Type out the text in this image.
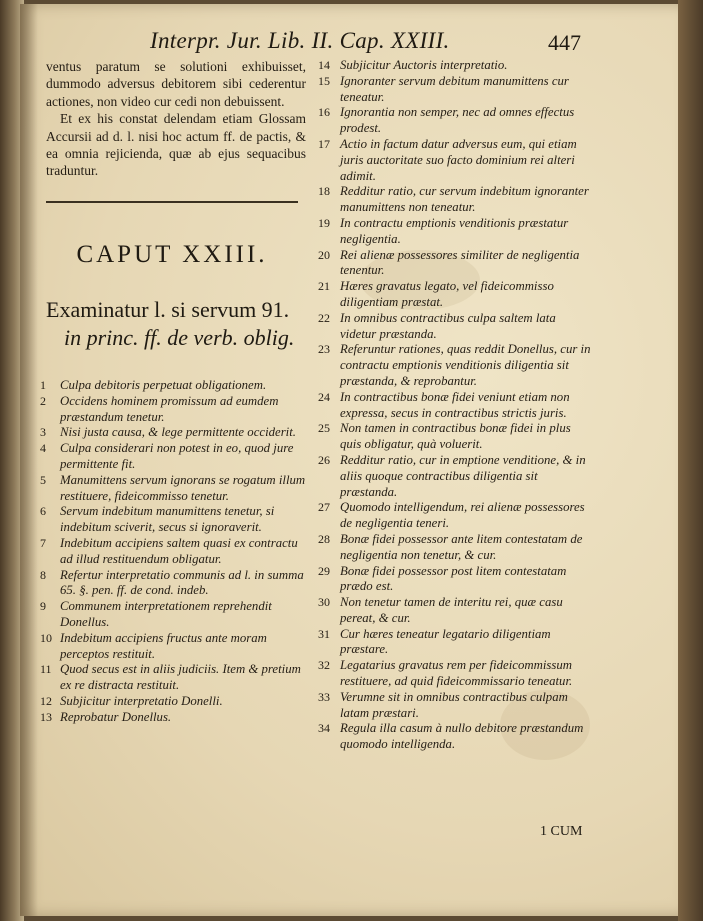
Interpr. Jur. Lib. II. Cap. XXIII.	447

ventus paratum se solutioni exhibuisset, dummodo adversus debitorem sibi cederentur actiones, non video cur cedi non debuissent.

Et ex his constat delendam etiam Glossam Accursii ad d. l. nisi hoc actum ff. de pactis, & ea omnia rejicienda, quæ ab ejus sequacibus traduntur.

CAPUT XXIII.
Examinatur l. si servum 91.
in princ. ff. de verb. oblig.
1 Culpa debitoris perpetuat obligationem.
2 Occidens hominem promissum ad eumdem præstandum tenetur.
3 Nisi justa causa, & lege permittente occiderit.
4 Culpa considerari non potest in eo, quod jure permittente fit.
5 Manumittens servum ignorans se rogatum illum restituere, fideicommisso tenetur.
6 Servum indebitum manumittens tenetur, si indebitum sciverit, secus si ignoraverit.
7 Indebitum accipiens saltem quasi ex contractu ad illud restituendum obligatur.
8 Refertur interpretatio communis ad l. in summa 65. §. pen. ff. de cond. indeb.
9 Communem interpretationem reprehendit Donellus.
10 Indebitum accipiens fructus ante moram perceptos restituit.
11 Quod secus est in aliis judiciis. Item & pretium ex re distracta restituit.
12 Subjicitur interpretatio Donelli.
13 Reprobatur Donellus.
14 Subjicitur Auctoris interpretatio.
15 Ignoranter servum debitum manumittens cur teneatur.
16 Ignorantia non semper, nec ad omnes effectus prodest.
17 Actio in factum datur adversus eum, qui etiam juris auctoritate suo facto dominium rei alteri adimit.
18 Redditur ratio, cur servum indebitum ignoranter manumittens non teneatur.
19 In contractu emptionis venditionis præstatur negligentia.
20 Rei alienæ possessores similiter de negligentia tenentur.
21 Hæres gravatus legato, vel fideicommisso diligentiam præstat.
22 In omnibus contractibus culpa saltem lata videtur præstanda.
23 Referuntur rationes, quas reddit Donellus, cur in contractu emptionis venditionis diligentia sit præstanda, & reprobantur.
24 In contractibus bonæ fidei veniunt etiam non expressa, secus in contractibus strictis juris.
25 Non tamen in contractibus bonæ fidei in plus quis obligatur, quà voluerit.
26 Redditur ratio, cur in emptione venditione, & in aliis quoque contractibus diligentia sit præstanda.
27 Quomodo intelligendum, rei alienæ possessores de negligentia teneri.
28 Bonæ fidei possessor ante litem contestatam de negligentia non tenetur, & cur.
29 Bonæ fidei possessor post litem contestatam prædo est.
30 Non tenetur tamen de interitu rei, quæ casu pereat, & cur.
31 Cur hæres teneatur legatario diligentiam præstare.
32 Legatarius gravatus rem per fideicommissum restituere, ad quid fideicommissario teneatur.
33 Verumne sit in omnibus contractibus culpam latam præstari.
34 Regula illa casum à nullo debitore præstandum quomodo intelligenda.
1 CUM
